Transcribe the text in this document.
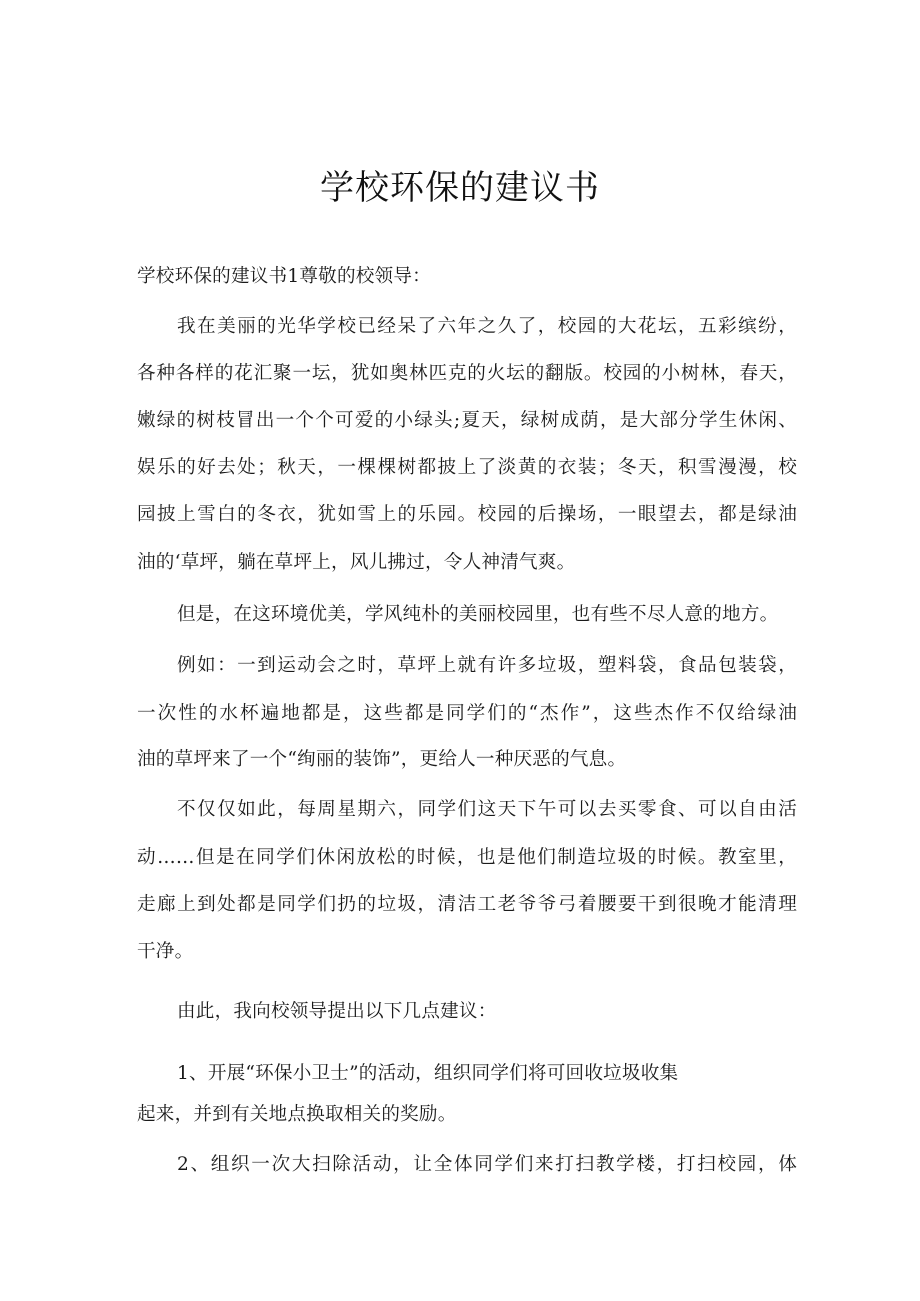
学校环保的建议书
学校环保的建议书1尊敬的校领导：
我在美丽的光华学校已经呆了六年之久了，校园的大花坛，五彩缤纷，
各种各样的花汇聚一坛，犹如奥林匹克的火坛的翻版。校园的小树林，春天，
嫩绿的树枝冒出一个个可爱的小绿头;夏天，绿树成荫，是大部分学生休闲、
娱乐的好去处；秋天，一棵棵树都披上了淡黄的衣装；冬天，积雪漫漫，校
园披上雪白的冬衣，犹如雪上的乐园。校园的后操场，一眼望去，都是绿油
油的‘草坪，躺在草坪上，风儿拂过，令人神清气爽。
但是，在这环境优美，学风纯朴的美丽校园里，也有些不尽人意的地方。
例如：一到运动会之时，草坪上就有许多垃圾，塑料袋，食品包装袋，
一次性的水杯遍地都是，这些都是同学们的“杰作”，这些杰作不仅给绿油
油的草坪来了一个“绚丽的装饰”，更给人一种厌恶的气息。
不仅仅如此，每周星期六，同学们这天下午可以去买零食、可以自由活
动……但是在同学们休闲放松的时候，也是他们制造垃圾的时候。教室里，
走廊上到处都是同学们扔的垃圾，清洁工老爷爷弓着腰要干到很晚才能清理
干净。
由此，我向校领导提出以下几点建议：
1、开展“环保小卫士”的活动，组织同学们将可回收垃圾收集
起来，并到有关地点换取相关的奖励。
2、组织一次大扫除活动，让全体同学们来打扫教学楼，打扫校园，体
